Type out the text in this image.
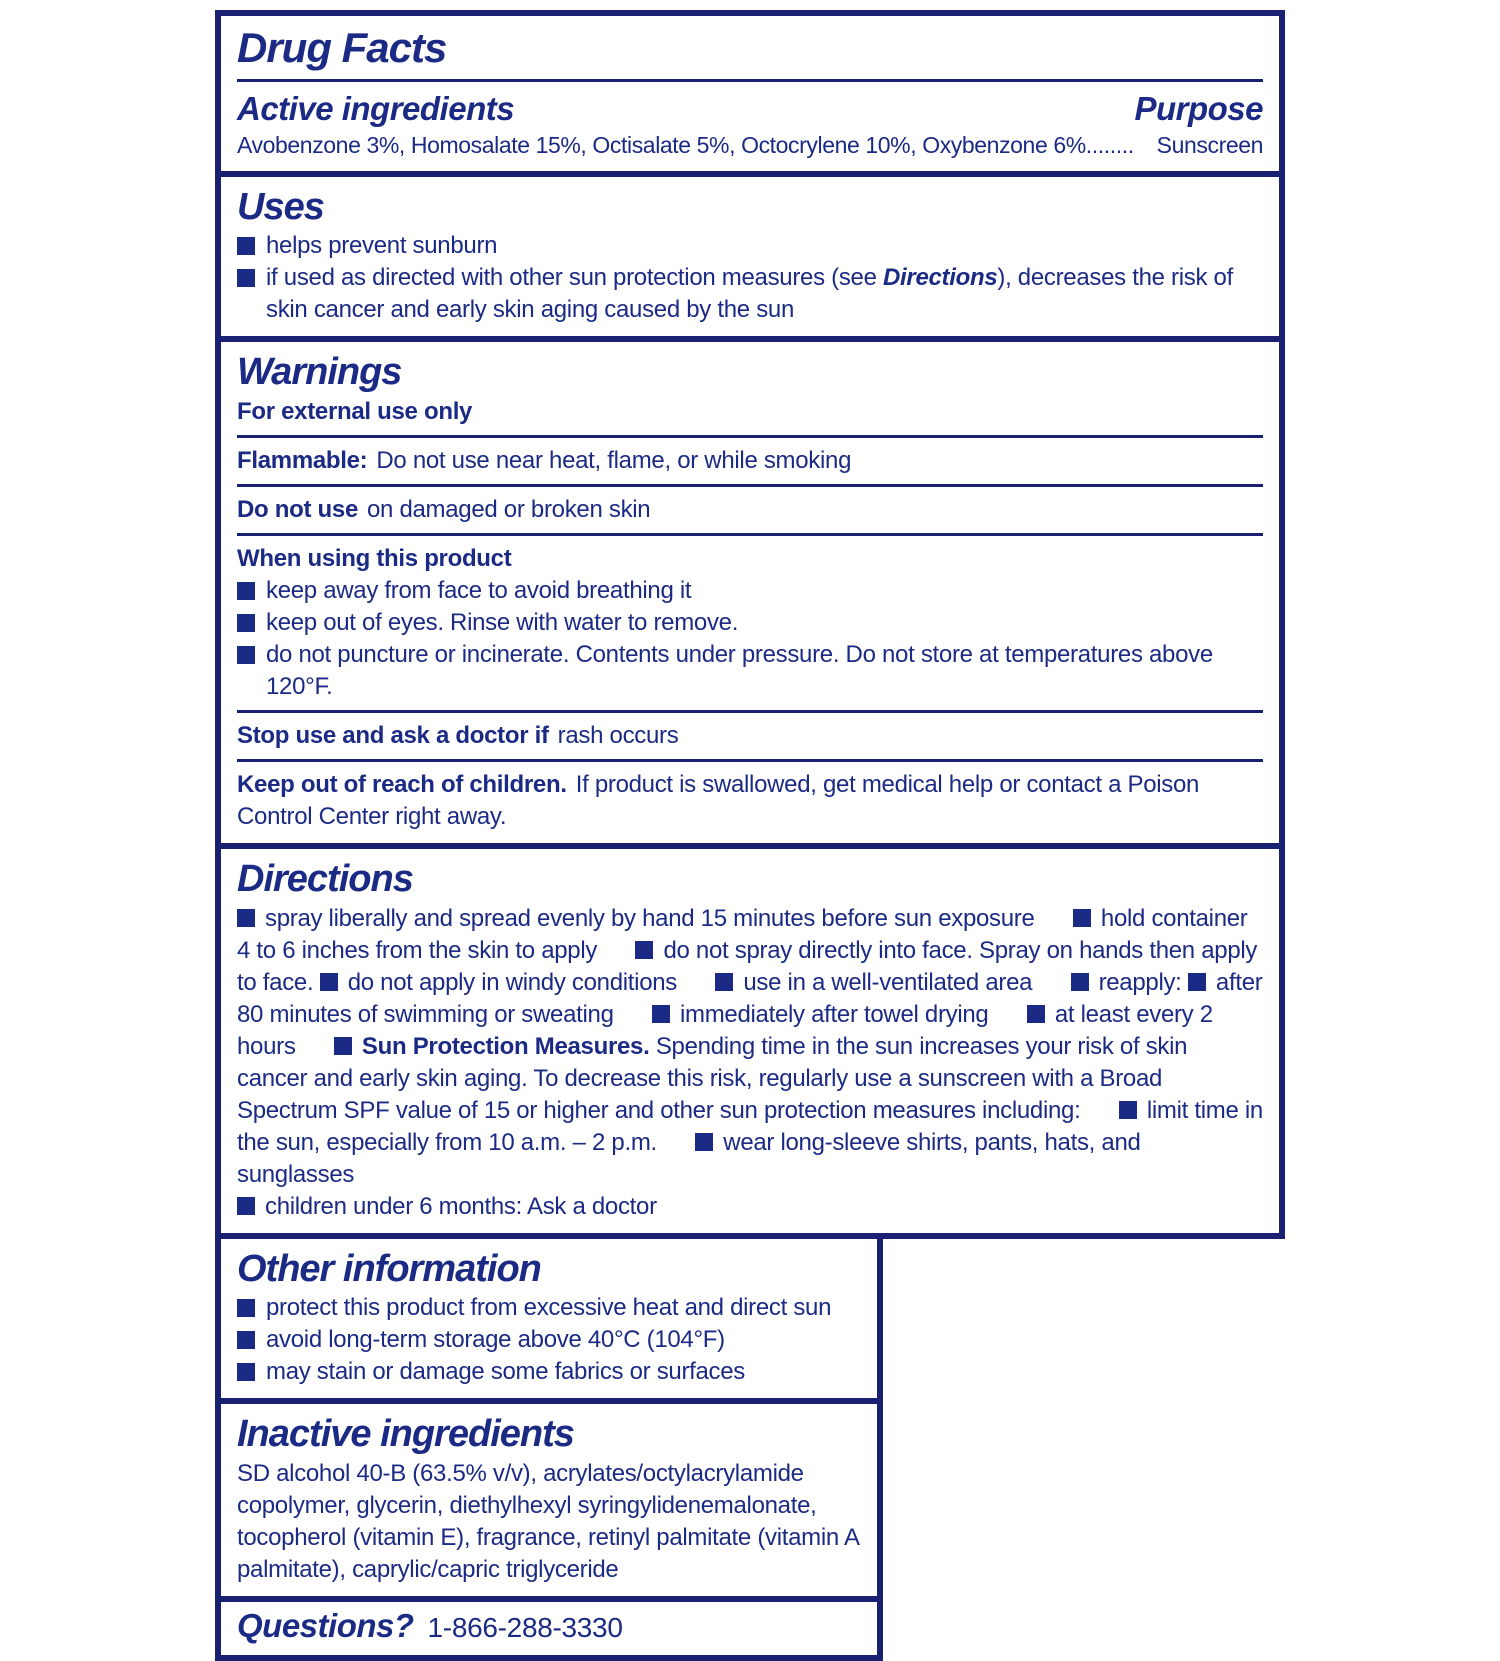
Drug Facts
Active ingredients	Purpose
Avobenzone 3%, Homosalate 15%, Octisalate 5%, Octocrylene 10%, Oxybenzone 6% ........ Sunscreen
Uses
helps prevent sunburn
if used as directed with other sun protection measures (see Directions), decreases the risk of skin cancer and early skin aging caused by the sun
Warnings
For external use only
Flammable: Do not use near heat, flame, or while smoking
Do not use on damaged or broken skin
When using this product
keep away from face to avoid breathing it
keep out of eyes. Rinse with water to remove.
do not puncture or incinerate. Contents under pressure. Do not store at temperatures above 120°F.
Stop use and ask a doctor if rash occurs
Keep out of reach of children. If product is swallowed, get medical help or contact a Poison Control Center right away.
Directions
spray liberally and spread evenly by hand 15 minutes before sun exposure	hold container 4 to 6 inches from the skin to apply	do not spray directly into face. Spray on hands then apply to face. do not apply in windy conditions	use in a well-ventilated area	reapply: after 80 minutes of swimming or sweating	immediately after towel drying	at least every 2 hours	Sun Protection Measures. Spending time in the sun increases your risk of skin cancer and early skin aging. To decrease this risk, regularly use a sunscreen with a Broad Spectrum SPF value of 15 or higher and other sun protection measures including:	limit time in the sun, especially from 10 a.m. – 2 p.m.	wear long-sleeve shirts, pants, hats, and sunglasses
children under 6 months: Ask a doctor
Other information
protect this product from excessive heat and direct sun
avoid long-term storage above 40°C (104°F)
may stain or damage some fabrics or surfaces
Inactive ingredients
SD alcohol 40-B (63.5% v/v), acrylates/octylacrylamide copolymer, glycerin, diethylhexyl syringylidenemalonate, tocopherol (vitamin E), fragrance, retinyl palmitate (vitamin A palmitate), caprylic/capric triglyceride
Questions? 1-866-288-3330
